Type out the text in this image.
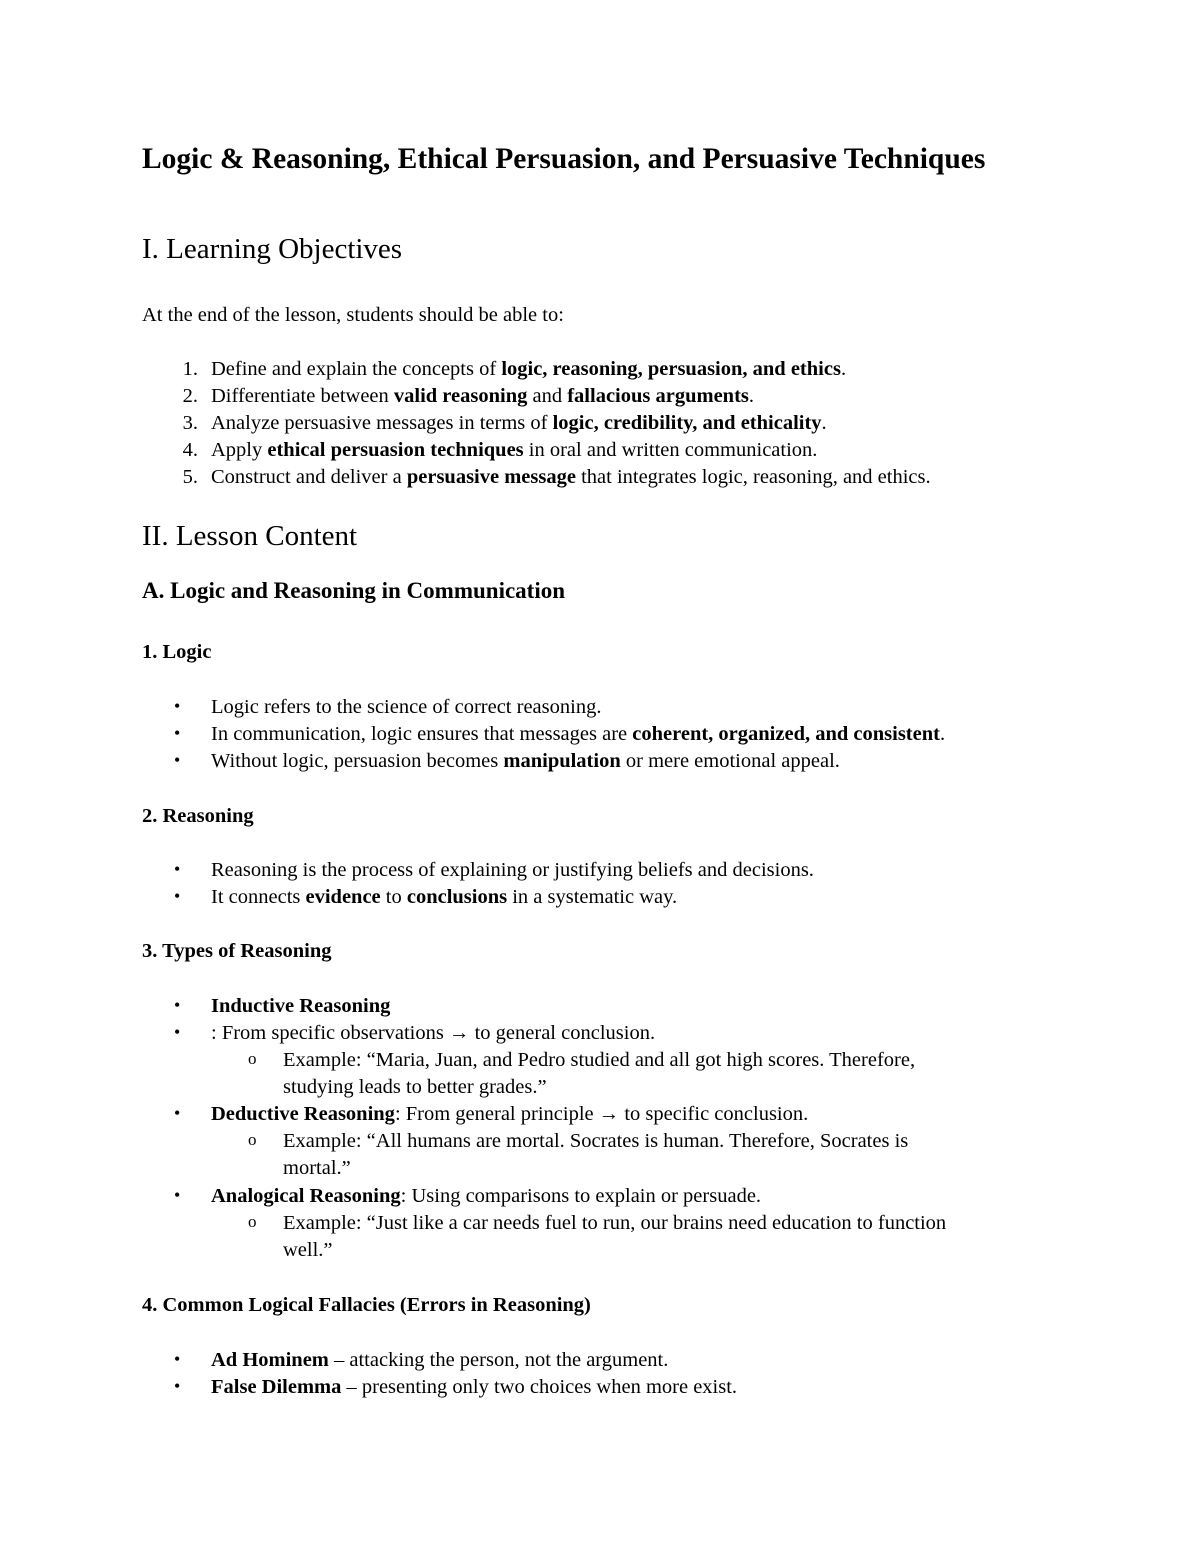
Logic & Reasoning, Ethical Persuasion, and Persuasive Techniques
I. Learning Objectives
At the end of the lesson, students should be able to:
1. Define and explain the concepts of logic, reasoning, persuasion, and ethics.
2. Differentiate between valid reasoning and fallacious arguments.
3. Analyze persuasive messages in terms of logic, credibility, and ethicality.
4. Apply ethical persuasion techniques in oral and written communication.
5. Construct and deliver a persuasive message that integrates logic, reasoning, and ethics.
II. Lesson Content
A. Logic and Reasoning in Communication
1. Logic
•	Logic refers to the science of correct reasoning.
•	In communication, logic ensures that messages are coherent, organized, and consistent.
•	Without logic, persuasion becomes manipulation or mere emotional appeal.
2. Reasoning
•	Reasoning is the process of explaining or justifying beliefs and decisions.
•	It connects evidence to conclusions in a systematic way.
3. Types of Reasoning
•	Inductive Reasoning
•	: From specific observations → to general conclusion.
o Example: “Maria, Juan, and Pedro studied and all got high scores. Therefore,
studying leads to better grades.”
•	Deductive Reasoning: From general principle → to specific conclusion.
o Example: “All humans are mortal. Socrates is human. Therefore, Socrates is
mortal.”
•	Analogical Reasoning: Using comparisons to explain or persuade.
o Example: “Just like a car needs fuel to run, our brains need education to function
well.”
4. Common Logical Fallacies (Errors in Reasoning)
•	Ad Hominem – attacking the person, not the argument.
•	False Dilemma – presenting only two choices when more exist.
